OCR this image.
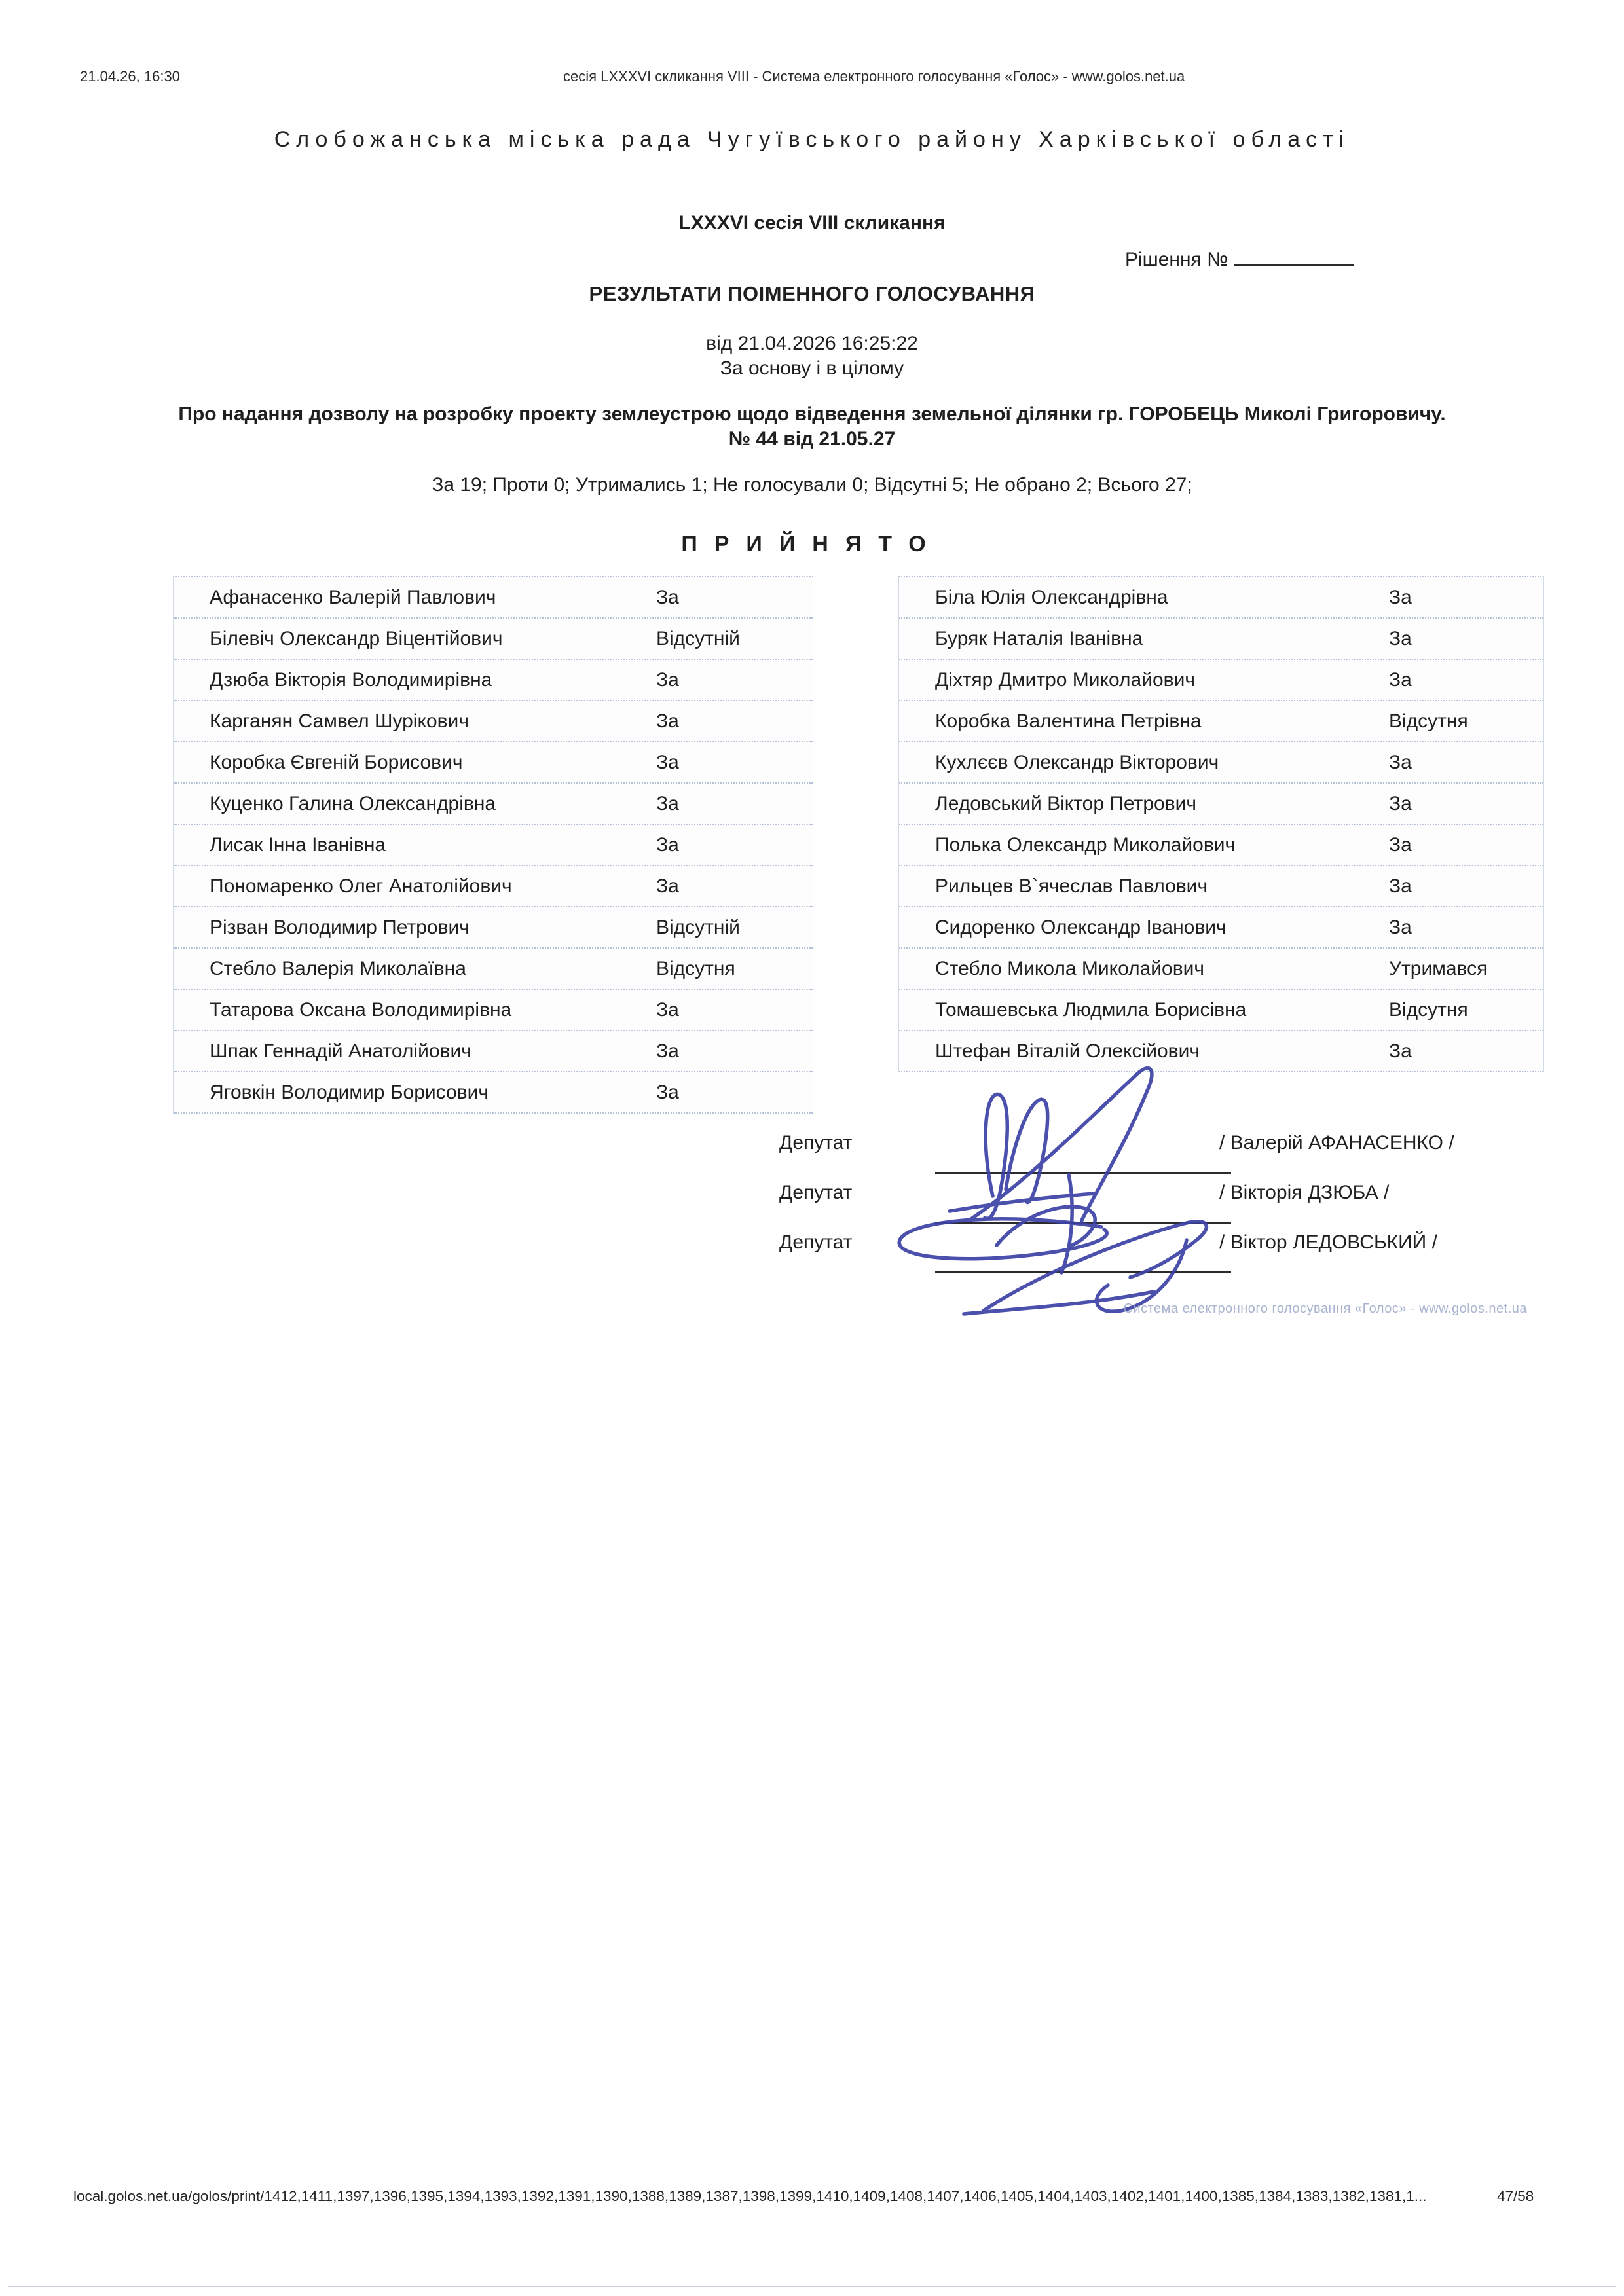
21.04.26, 16:30	сесія LXXXVI скликання VIII - Система електронного голосування «Голос» - www.golos.net.ua
Слобожанська міська рада Чугуївського району Харківської області
LXXXVI сесія VIII скликання
Рішення №
РЕЗУЛЬТАТИ ПОІМЕННОГО ГОЛОСУВАННЯ
від 21.04.2026 16:25:22
За основу і в цілому
Про надання дозволу на розробку проекту землеустрою щодо відведення земельної ділянки гр. ГОРОБЕЦЬ Миколі Григоровичу.
№ 44 від 21.05.27
За 19; Проти 0; Утримались 1; Не голосували 0; Відсутні 5; Не обрано 2; Всього 27;
ПРИЙНЯТО
Афанасенко Валерій Павлович	За
Білевіч Олександр Віцентійович	Відсутній
Дзюба Вікторія Володимирівна	За
Карганян Самвел Шурікович	За
Коробка Євгеній Борисович	За
Куценко Галина Олександрівна	За
Лисак Інна Іванівна	За
Пономаренко Олег Анатолійович	За
Різван Володимир Петрович	Відсутній
Стебло Валерія Миколаївна	Відсутня
Татарова Оксана Володимирівна	За
Шпак Геннадій Анатолійович	За
Яговкін Володимир Борисович	За
Біла Юлія Олександрівна	За
Буряк Наталія Іванівна	За
Діхтяр Дмитро Миколайович	За
Коробка Валентина Петрівна	Відсутня
Кухлєєв Олександр Вікторович	За
Ледовський Віктор Петрович	За
Полька Олександр Миколайович	За
Рильцев В`ячеслав Павлович	За
Сидоренко Олександр Іванович	За
Стебло Микола Миколайович	Утримався
Томашевська Людмила Борисівна	Відсутня
Штефан Віталій Олексійович	За
Депутат
Депутат
Депутат
/ Валерій АФАНАСЕНКО /
/ Вікторія ДЗЮБА /
/ Віктор ЛЕДОВСЬКИЙ /
Система електронного голосування «Голос» - www.golos.net.ua
local.golos.net.ua/golos/print/1412,1411,1397,1396,1395,1394,1393,1392,1391,1390,1388,1389,1387,1398,1399,1410,1409,1408,1407,1406,1405,1404,1403,1402,1401,1400,1385,1384,1383,1382,1381,1...	47/58
